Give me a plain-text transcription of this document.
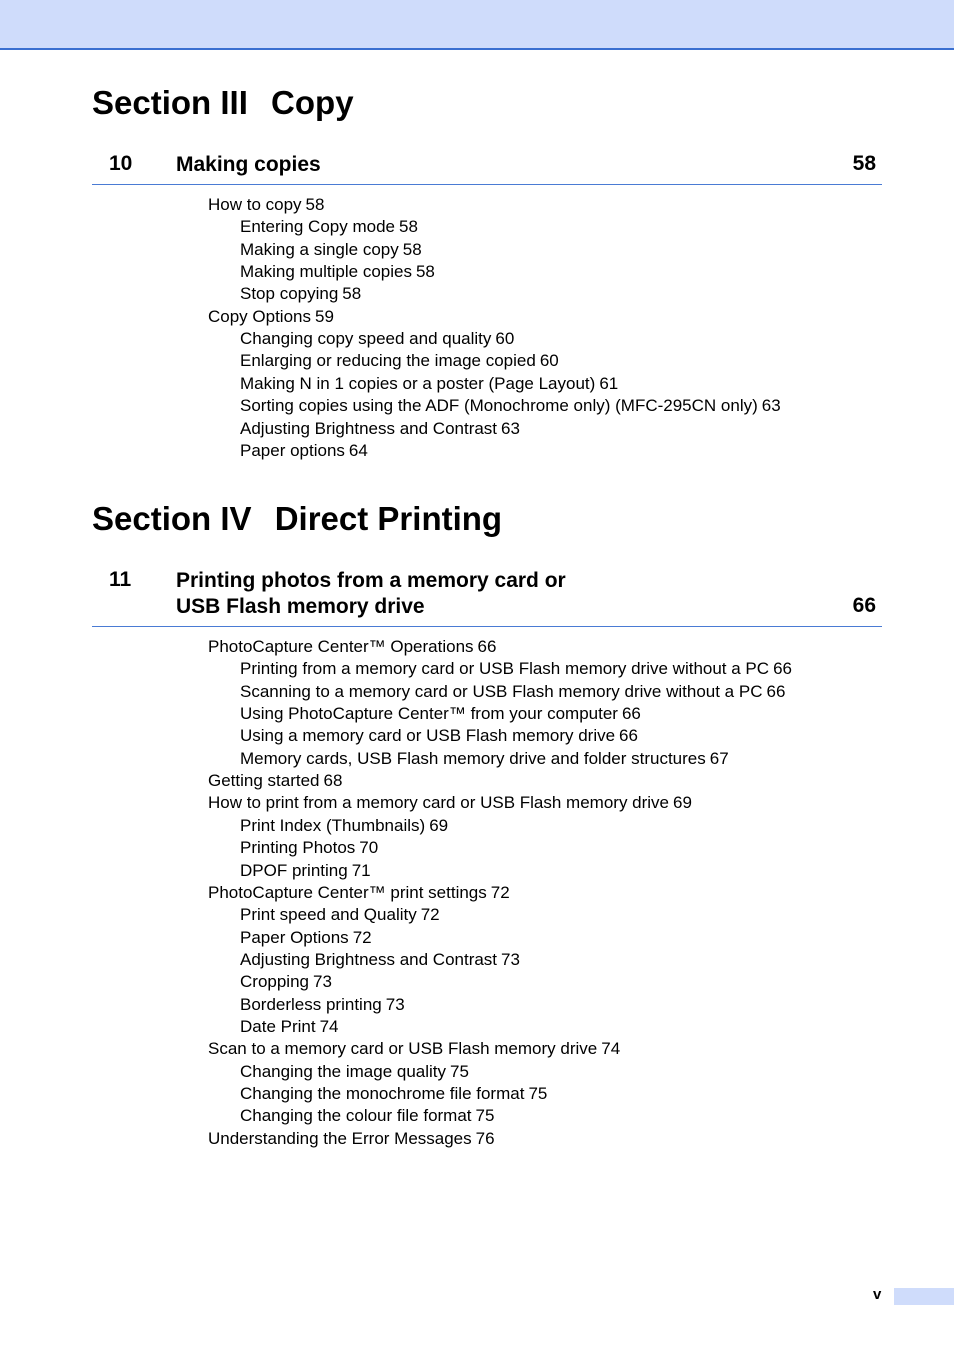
Section III Copy
10 Making copies	58
How to copy 58
Entering Copy mode 58
Making a single copy 58
Making multiple copies 58
Stop copying 58
Copy Options 59
Changing copy speed and quality 60
Enlarging or reducing the image copied 60
Making N in 1 copies or a poster (Page Layout) 61
Sorting copies using the ADF (Monochrome only) (MFC-295CN only) 63
Adjusting Brightness and Contrast 63
Paper options 64
Section IV Direct Printing
11 Printing photos from a memory card or
USB Flash memory drive	66
PhotoCapture Center™ Operations 66
Printing from a memory card or USB Flash memory drive without a PC 66
Scanning to a memory card or USB Flash memory drive without a PC 66
Using PhotoCapture Center™ from your computer 66
Using a memory card or USB Flash memory drive 66
Memory cards, USB Flash memory drive and folder structures 67
Getting started 68
How to print from a memory card or USB Flash memory drive 69
Print Index (Thumbnails) 69
Printing Photos 70
DPOF printing 71
PhotoCapture Center™ print settings 72
Print speed and Quality 72
Paper Options 72
Adjusting Brightness and Contrast 73
Cropping 73
Borderless printing 73
Date Print 74
Scan to a memory card or USB Flash memory drive 74
Changing the image quality 75
Changing the monochrome file format 75
Changing the colour file format 75
Understanding the Error Messages 76
v
